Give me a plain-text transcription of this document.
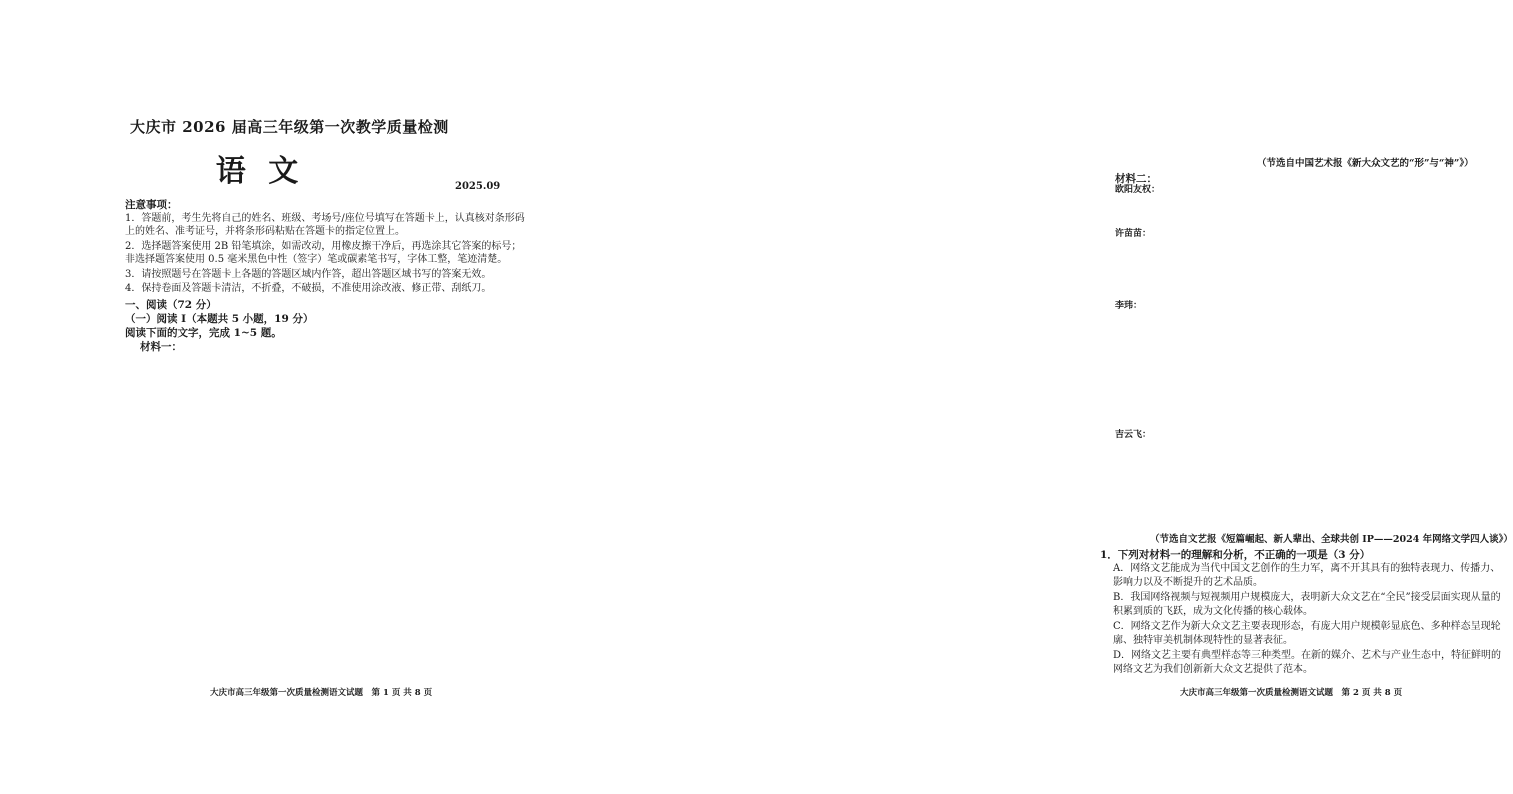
大庆市 2026 届高三年级第一次教学质量检测
语 文	2025.09
注意事项：
1．答题前，考生先将自己的姓名、班级、考场号/座位号填写在答题卡上，认真核对条形码上的姓名、准考证号，并将条形码粘贴在答题卡的指定位置上。
2．选择题答案使用 2B 铅笔填涂，如需改动，用橡皮擦干净后，再选涂其它答案的标号；非选择题答案使用 0.5 毫米黑色中性（签字）笔或碳素笔书写，字体工整，笔迹清楚。
3．请按照题号在答题卡上各题的答题区域内作答，超出答题区域书写的答案无效。
4．保持卷面及答题卡清洁，不折叠，不破损，不准使用涂改液、修正带、刮纸刀。
一、阅读（72 分）
（一）阅读 I（本题共 5 小题，19 分）
阅读下面的文字，完成 1~5 题。
材料一：
大庆市高三年级第一次质量检测语文试题　第 1 页 共 8 页
（节选自中国艺术报《新大众文艺的“形”与“神”》）
材料二：
欧阳友权：
许苗苗：
李玮：
吉云飞：
（节选自文艺报《短篇崛起、新人辈出、全球共创 IP——2024 年网络文学四人谈》）
1．下列对材料一的理解和分析，不正确的一项是（3 分）
A．网络文艺能成为当代中国文艺创作的生力军，离不开其具有的独特表现力、传播力、影响力以及不断提升的艺术品质。
B．我国网络视频与短视频用户规模庞大，表明新大众文艺在“全民”接受层面实现从量的积累到质的飞跃，成为文化传播的核心载体。
C．网络文艺作为新大众文艺主要表现形态，有庞大用户规模彰显底色、多种样态呈现轮廓、独特审美机制体现特性的显著表征。
D．网络文艺主要有典型样态等三种类型。在新的媒介、艺术与产业生态中，特征鲜明的网络文艺为我们创新新大众文艺提供了范本。
大庆市高三年级第一次质量检测语文试题　第 2 页 共 8 页
